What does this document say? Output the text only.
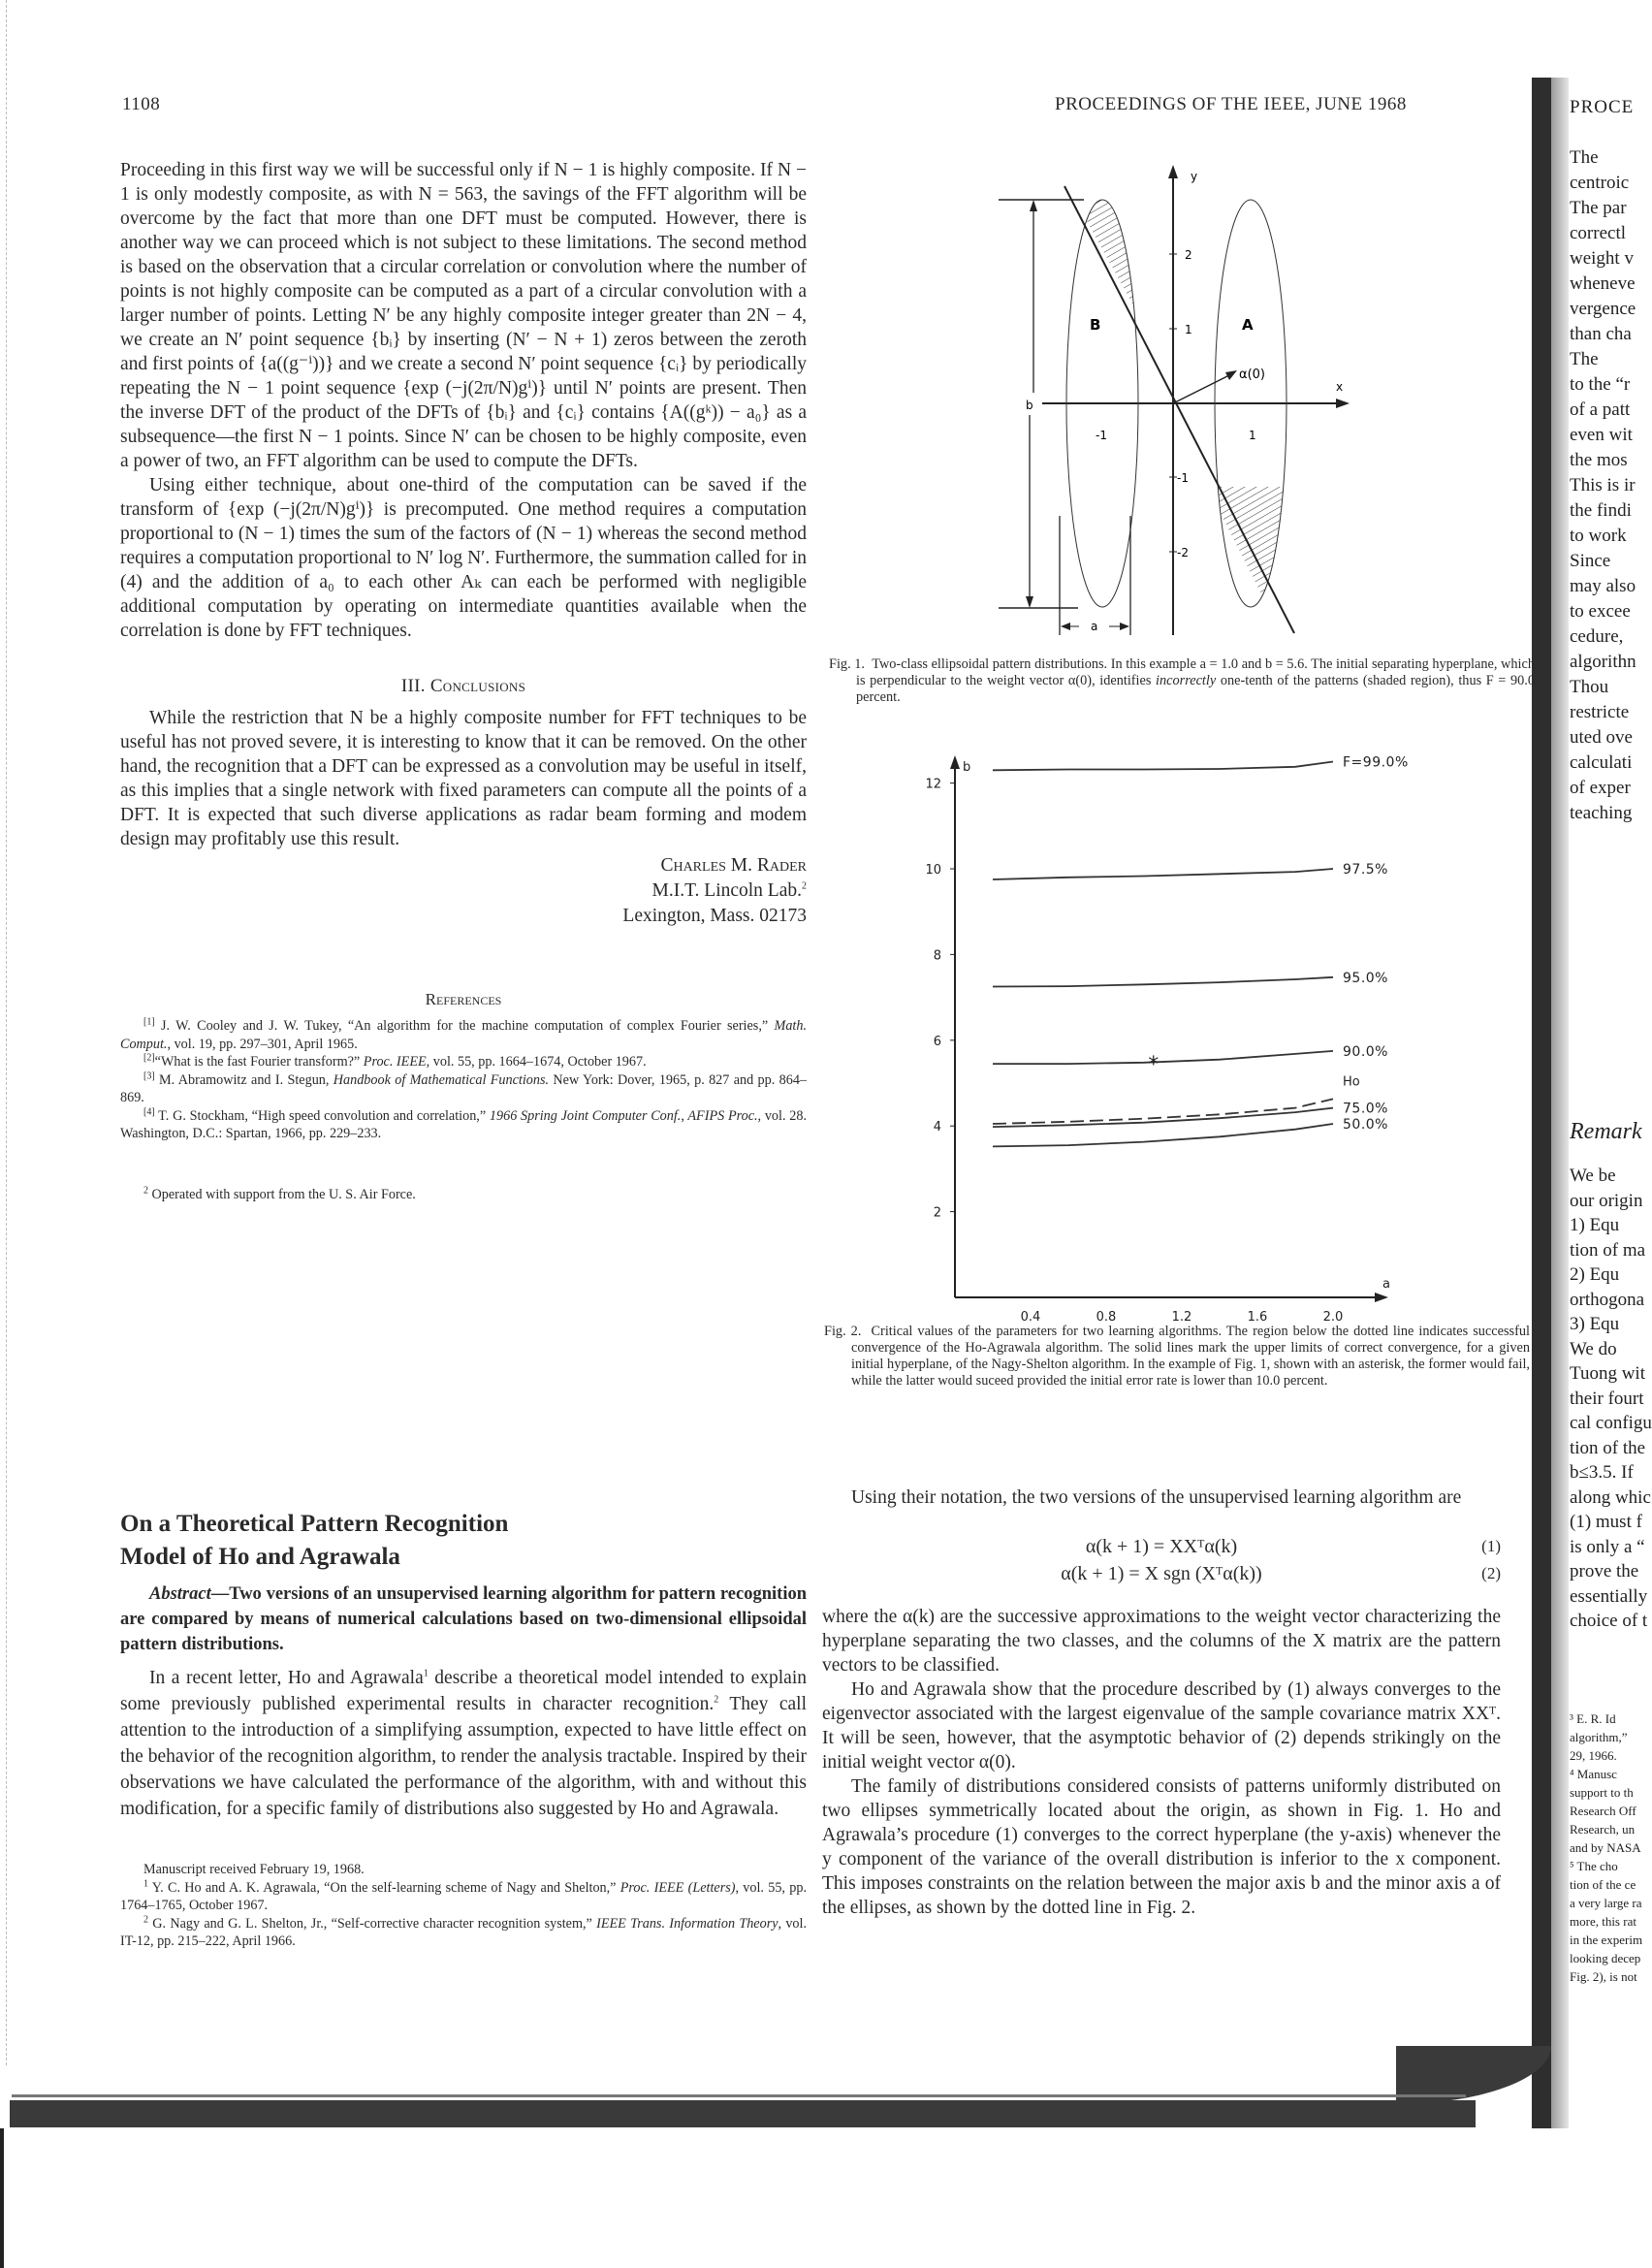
1108	PROCEEDINGS OF THE IEEE, JUNE 1968

Proceeding in this first way we will be successful only if N − 1 is highly composite. If N − 1 is only modestly composite, as with N = 563, the savings of the FFT algorithm will be overcome by the fact that more than one DFT must be computed. However, there is another way we can proceed which is not subject to these limitations. The second method is based on the observation that a circular correlation or convolution where the number of points is not highly composite can be computed as a part of a circular convolution with a larger number of points. Letting N′ be any highly composite integer greater than 2N − 4, we create an N′ point sequence {bᵢ} by inserting (N′ − N + 1) zeros between the zeroth and first points of {a((g⁻ⁱ))} and we create a second N′ point sequence {cᵢ} by periodically repeating the N − 1 point sequence {exp (−j(2π/N)gⁱ)} until N′ points are present. Then the inverse DFT of the product of the DFTs of {bᵢ} and {cᵢ} contains {A((gᵏ)) − a₀} as a subsequence—the first N − 1 points. Since N′ can be chosen to be highly composite, even a power of two, an FFT algorithm can be used to compute the DFTs.

Using either technique, about one-third of the computation can be saved if the transform of {exp (−j(2π/N)gⁱ)} is precomputed. One method requires a computation proportional to (N − 1) times the sum of the factors of (N − 1) whereas the second method requires a computation proportional to N′ log N′. Furthermore, the summation called for in (4) and the addition of a₀ to each other Aₖ can each be performed with negligible additional computation by operating on intermediate quantities available when the correlation is done by FFT techniques.

III. Conclusions

While the restriction that N be a highly composite number for FFT techniques to be useful has not proved severe, it is interesting to know that it can be removed. On the other hand, the recognition that a DFT can be expressed as a convolution may be useful in itself, as this implies that a single network with fixed parameters can compute all the points of a DFT. It is expected that such diverse applications as radar beam forming and modem design may profitably use this result.

Charles M. Rader
M.I.T. Lincoln Lab.$^2$
Lexington, Mass. 02173
References

[1] J. W. Cooley and J. W. Tukey, “An algorithm for the machine computation of complex Fourier series,” Math. Comput., vol. 19, pp. 297–301, April 1965.

[2]“What is the fast Fourier transform?” Proc. IEEE, vol. 55, pp. 1664–1674, October 1967.

[3] M. Abramowitz and I. Stegun, Handbook of Mathematical Functions. New York: Dover, 1965, p. 827 and pp. 864–869.

[4] T. G. Stockham, “High speed convolution and correlation,” 1966 Spring Joint Computer Conf., AFIPS Proc., vol. 28. Washington, D.C.: Spartan, 1966, pp. 229–233.

$^2$ Operated with support from the U. S. Air Force.

On a Theoretical Pattern Recognition
Model of Ho and Agrawala

Abstract—Two versions of an unsupervised learning algorithm for pattern recognition are compared by means of numerical calculations based on two-dimensional ellipsoidal pattern distributions.

In a recent letter, Ho and Agrawala$^1$ describe a theoretical model intended to explain some previously published experimental results in character recognition.$^2$ They call attention to the introduction of a simplifying assumption, expected to have little effect on the behavior of the recognition algorithm, to render the analysis tractable. Inspired by their observations we have calculated the performance of the algorithm, with and without this modification, for a specific family of distributions also suggested by Ho and Agrawala.

Manuscript received February 19, 1968.

$^1$ Y. C. Ho and A. K. Agrawala, “On the self-learning scheme of Nagy and Shelton,” Proc. IEEE (Letters), vol. 55, pp. 1764–1765, October 1967.

$^2$ G. Nagy and G. L. Shelton, Jr., “Self-corrective character recognition system,” IEEE Trans. Information Theory, vol. IT-12, pp. 215–222, April 1966.

y
x
2
1
-1
-2
-1	1
α(0)
B	A
b
a
Fig. 1. Two-class ellipsoidal pattern distributions. In this example a = 1.0 and b = 5.6. The initial separating hyperplane, which is perpendicular to the weight vector α(0), identifies incorrectly one-tenth of the patterns (shaded region), thus F = 90.0 percent.
b
a
2
4
6
8
10
12
0.4	0.8	1.2	1.6	2.0
F=99.0%
97.5%
95.0%
90.0%
75.0%
50.0%
Ho
*
Fig. 2. Critical values of the parameters for two learning algorithms. The region below the dotted line indicates successful convergence of the Ho-Agrawala algorithm. The solid lines mark the upper limits of correct convergence, for a given initial hyperplane, of the Nagy-Shelton algorithm. In the example of Fig. 1, shown with an asterisk, the former would fail, while the latter would suceed provided the initial error rate is lower than 10.0 percent.

Using their notation, the two versions of the unsupervised learning algorithm are

α(k + 1) = XXᵀα(k)	(1)
α(k + 1) = X sgn (Xᵀα(k))	(2)

where the α(k) are the successive approximations to the weight vector characterizing the hyperplane separating the two classes, and the columns of the X matrix are the pattern vectors to be classified.

Ho and Agrawala show that the procedure described by (1) always converges to the eigenvector associated with the largest eigenvalue of the sample covariance matrix XXᵀ. It will be seen, however, that the asymptotic behavior of (2) depends strikingly on the initial weight vector α(0).

The family of distributions considered consists of patterns uniformly distributed on two ellipses symmetrically located about the origin, as shown in Fig. 1. Ho and Agrawala’s procedure (1) converges to the correct hyperplane (the y-axis) whenever the y component of the variance of the overall distribution is inferior to the x component. This imposes constraints on the relation between the major axis b and the minor axis a of the ellipses, as shown by the dotted line in Fig. 2.

PROCE
The
centroic
The par
correctl
weight v
wheneve
vergence
than cha
The
to the “r
of a patt
even wit
the mos
This is ir
the findi
to work
Since
may also
to excee
cedure,
algorithn
Thou
restricte
uted ove
calculati
of exper
teaching
Remark
We be
our origin
1) Equ
tion of ma
2) Equ
orthogona
3) Equ
We do
Tuong wit
their fourt
cal configu
tion of the
b≤3.5. If
along whic
(1) must f
is only a “
prove the
essentially
choice of t
³ E. R. Id
algorithm,”
29, 1966.
⁴ Manusc
support to th
Research Off
Research, un
and by NASA
⁵ The cho
tion of the ce
a very large ra
more, this rat
in the experim
looking decep
Fig. 2), is not
